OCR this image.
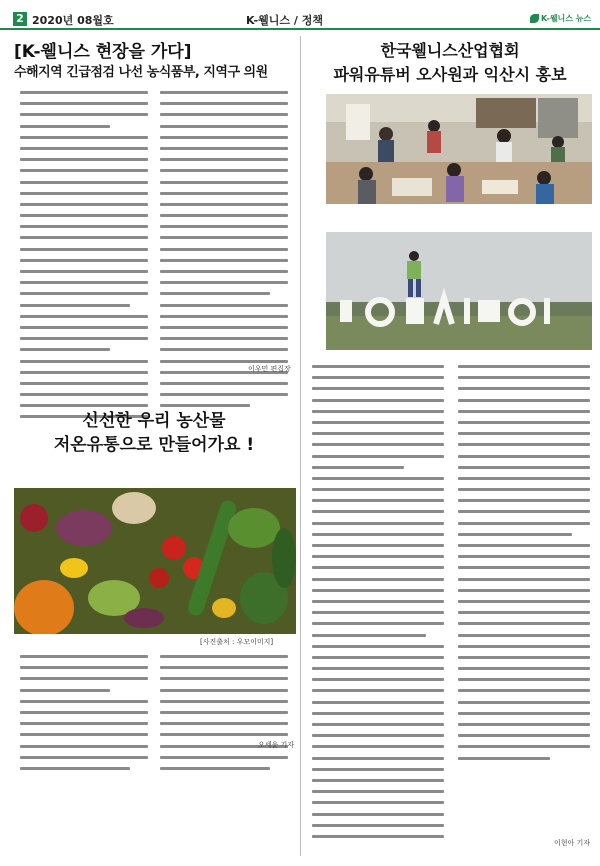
2 2020년 08월호	K-웰니스 / 정책	K-웰니스 뉴스
[K-웰니스 현장을 가다]
수해지역 긴급점검 나선 농식품부, 지역구 의원
이우민 편집장
한국웰니스산업협회
파워유튜버 오사원과 익산시 홍보
이현아 기자
신선한 우리 농산물
저온유통으로 만들어가요 !
[사진출처 : 우모이미지]
오세윤 기자
